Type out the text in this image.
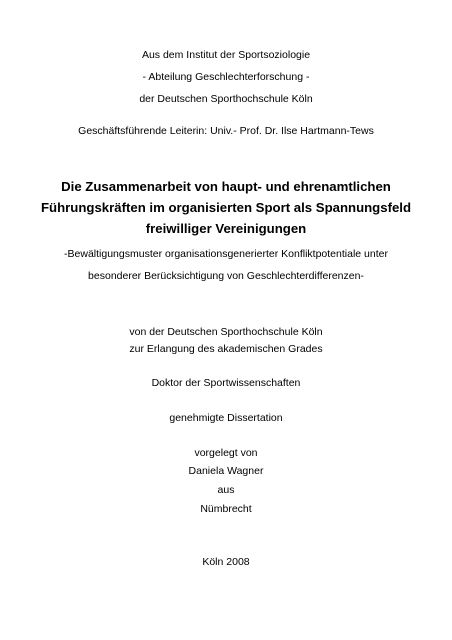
Aus dem Institut der Sportsoziologie
- Abteilung Geschlechterforschung -
der Deutschen Sporthochschule Köln
Geschäftsführende Leiterin: Univ.- Prof. Dr. Ilse Hartmann-Tews
Die Zusammenarbeit von haupt- und ehrenamtlichen
Führungskräften im organisierten Sport als Spannungsfeld
freiwilliger Vereinigungen
-Bewältigungsmuster organisationsgenerierter Konfliktpotentiale unter
besonderer Berücksichtigung von Geschlechterdifferenzen-
von der Deutschen Sporthochschule Köln
zur Erlangung des akademischen Grades
Doktor der Sportwissenschaften
genehmigte Dissertation
vorgelegt von
Daniela Wagner
aus
Nümbrecht
Köln 2008
